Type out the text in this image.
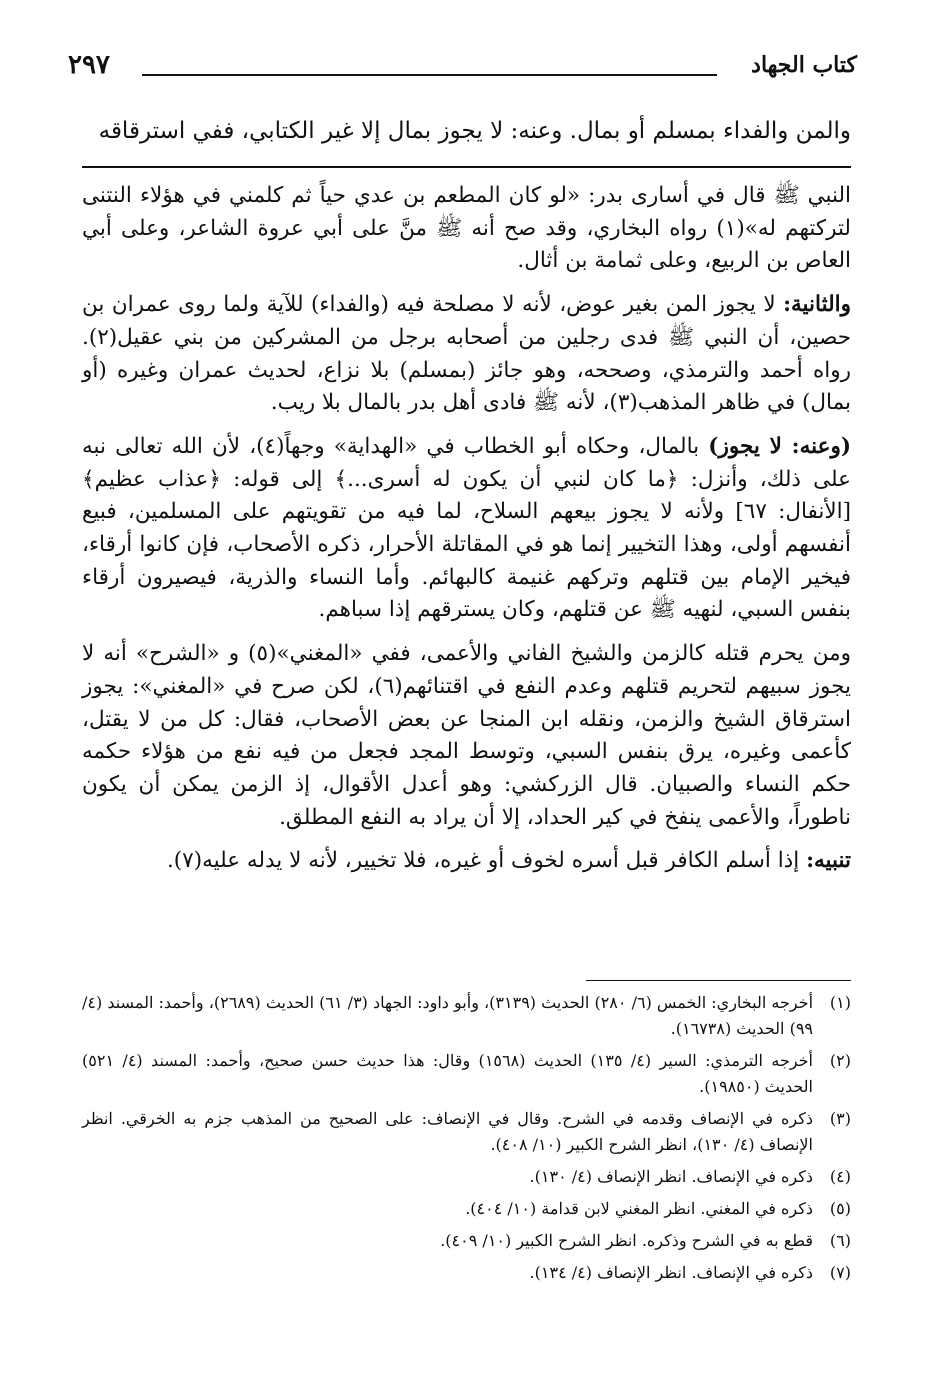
كتاب الجهاد
٢٩٧
والمن والفداء بمسلم أو بمال. وعنه: لا يجوز بمال إلا غير الكتابي، ففي استرقاقه

النبي ﷺ قال في أسارى بدر: «لو كان المطعم بن عدي حياً ثم كلمني في هؤلاء النتنى لتركتهم له»(١) رواه البخاري، وقد صح أنه ﷺ منَّ على أبي عروة الشاعر، وعلى أبي العاص بن الربيع، وعلى ثمامة بن أثال.

والثانية: لا يجوز المن بغير عوض، لأنه لا مصلحة فيه (والفداء) للآية ولما روى عمران بن حصين، أن النبي ﷺ فدى رجلين من أصحابه برجل من المشركين من بني عقيل(٢). رواه أحمد والترمذي، وصححه، وهو جائز (بمسلم) بلا نزاع، لحديث عمران وغيره (أو بمال) في ظاهر المذهب(٣)، لأنه ﷺ فادى أهل بدر بالمال بلا ريب.

(وعنه: لا يجوز) بالمال، وحكاه أبو الخطاب في «الهداية» وجهاً(٤)، لأن الله تعالى نبه على ذلك، وأنزل: ﴿ما كان لنبي أن يكون له أسرى...﴾ إلى قوله: ﴿عذاب عظيم﴾ [الأنفال: ٦٧] ولأنه لا يجوز بيعهم السلاح، لما فيه من تقويتهم على المسلمين، فبيع أنفسهم أولى، وهذا التخيير إنما هو في المقاتلة الأحرار، ذكره الأصحاب، فإن كانوا أرقاء، فيخير الإمام بين قتلهم وتركهم غنيمة كالبهائم. وأما النساء والذرية، فيصيرون أرقاء بنفس السبي، لنهيه ﷺ عن قتلهم، وكان يسترقهم إذا سباهم.

ومن يحرم قتله كالزمن والشيخ الفاني والأعمى، ففي «المغني»(٥) و «الشرح» أنه لا يجوز سبيهم لتحريم قتلهم وعدم النفع في اقتنائهم(٦)، لكن صرح في «المغني»: يجوز استرقاق الشيخ والزمن، ونقله ابن المنجا عن بعض الأصحاب، فقال: كل من لا يقتل، كأعمى وغيره، يرق بنفس السبي، وتوسط المجد فجعل من فيه نفع من هؤلاء حكمه حكم النساء والصبيان. قال الزركشي: وهو أعدل الأقوال، إذ الزمن يمكن أن يكون ناطوراً، والأعمى ينفخ في كير الحداد، إلا أن يراد به النفع المطلق.

تنبيه: إذا أسلم الكافر قبل أسره لخوف أو غيره، فلا تخيير، لأنه لا يدله عليه(٧).

(١)
أخرجه البخاري: الخمس (٦/ ٢٨٠) الحديث (٣١٣٩)، وأبو داود: الجهاد (٣/ ٦١) الحديث (٢٦٨٩)، وأحمد: المسند (٤/ ٩٩) الحديث (١٦٧٣٨).
(٢)
أخرجه الترمذي: السير (٤/ ١٣٥) الحديث (١٥٦٨) وقال: هذا حديث حسن صحيح، وأحمد: المسند (٤/ ٥٢١) الحديث (١٩٨٥٠).
(٣)
ذكره في الإنصاف وقدمه في الشرح. وقال في الإنصاف: على الصحيح من المذهب جزم به الخرقي. انظر الإنصاف (٤/ ١٣٠)، انظر الشرح الكبير (١٠/ ٤٠٨).
(٤)
ذكره في الإنصاف. انظر الإنصاف (٤/ ١٣٠).
(٥)
ذكره في المغني. انظر المغني لابن قدامة (١٠/ ٤٠٤).
(٦)
قطع به في الشرح وذكره. انظر الشرح الكبير (١٠/ ٤٠٩).
(٧)
ذكره في الإنصاف. انظر الإنصاف (٤/ ١٣٤).
